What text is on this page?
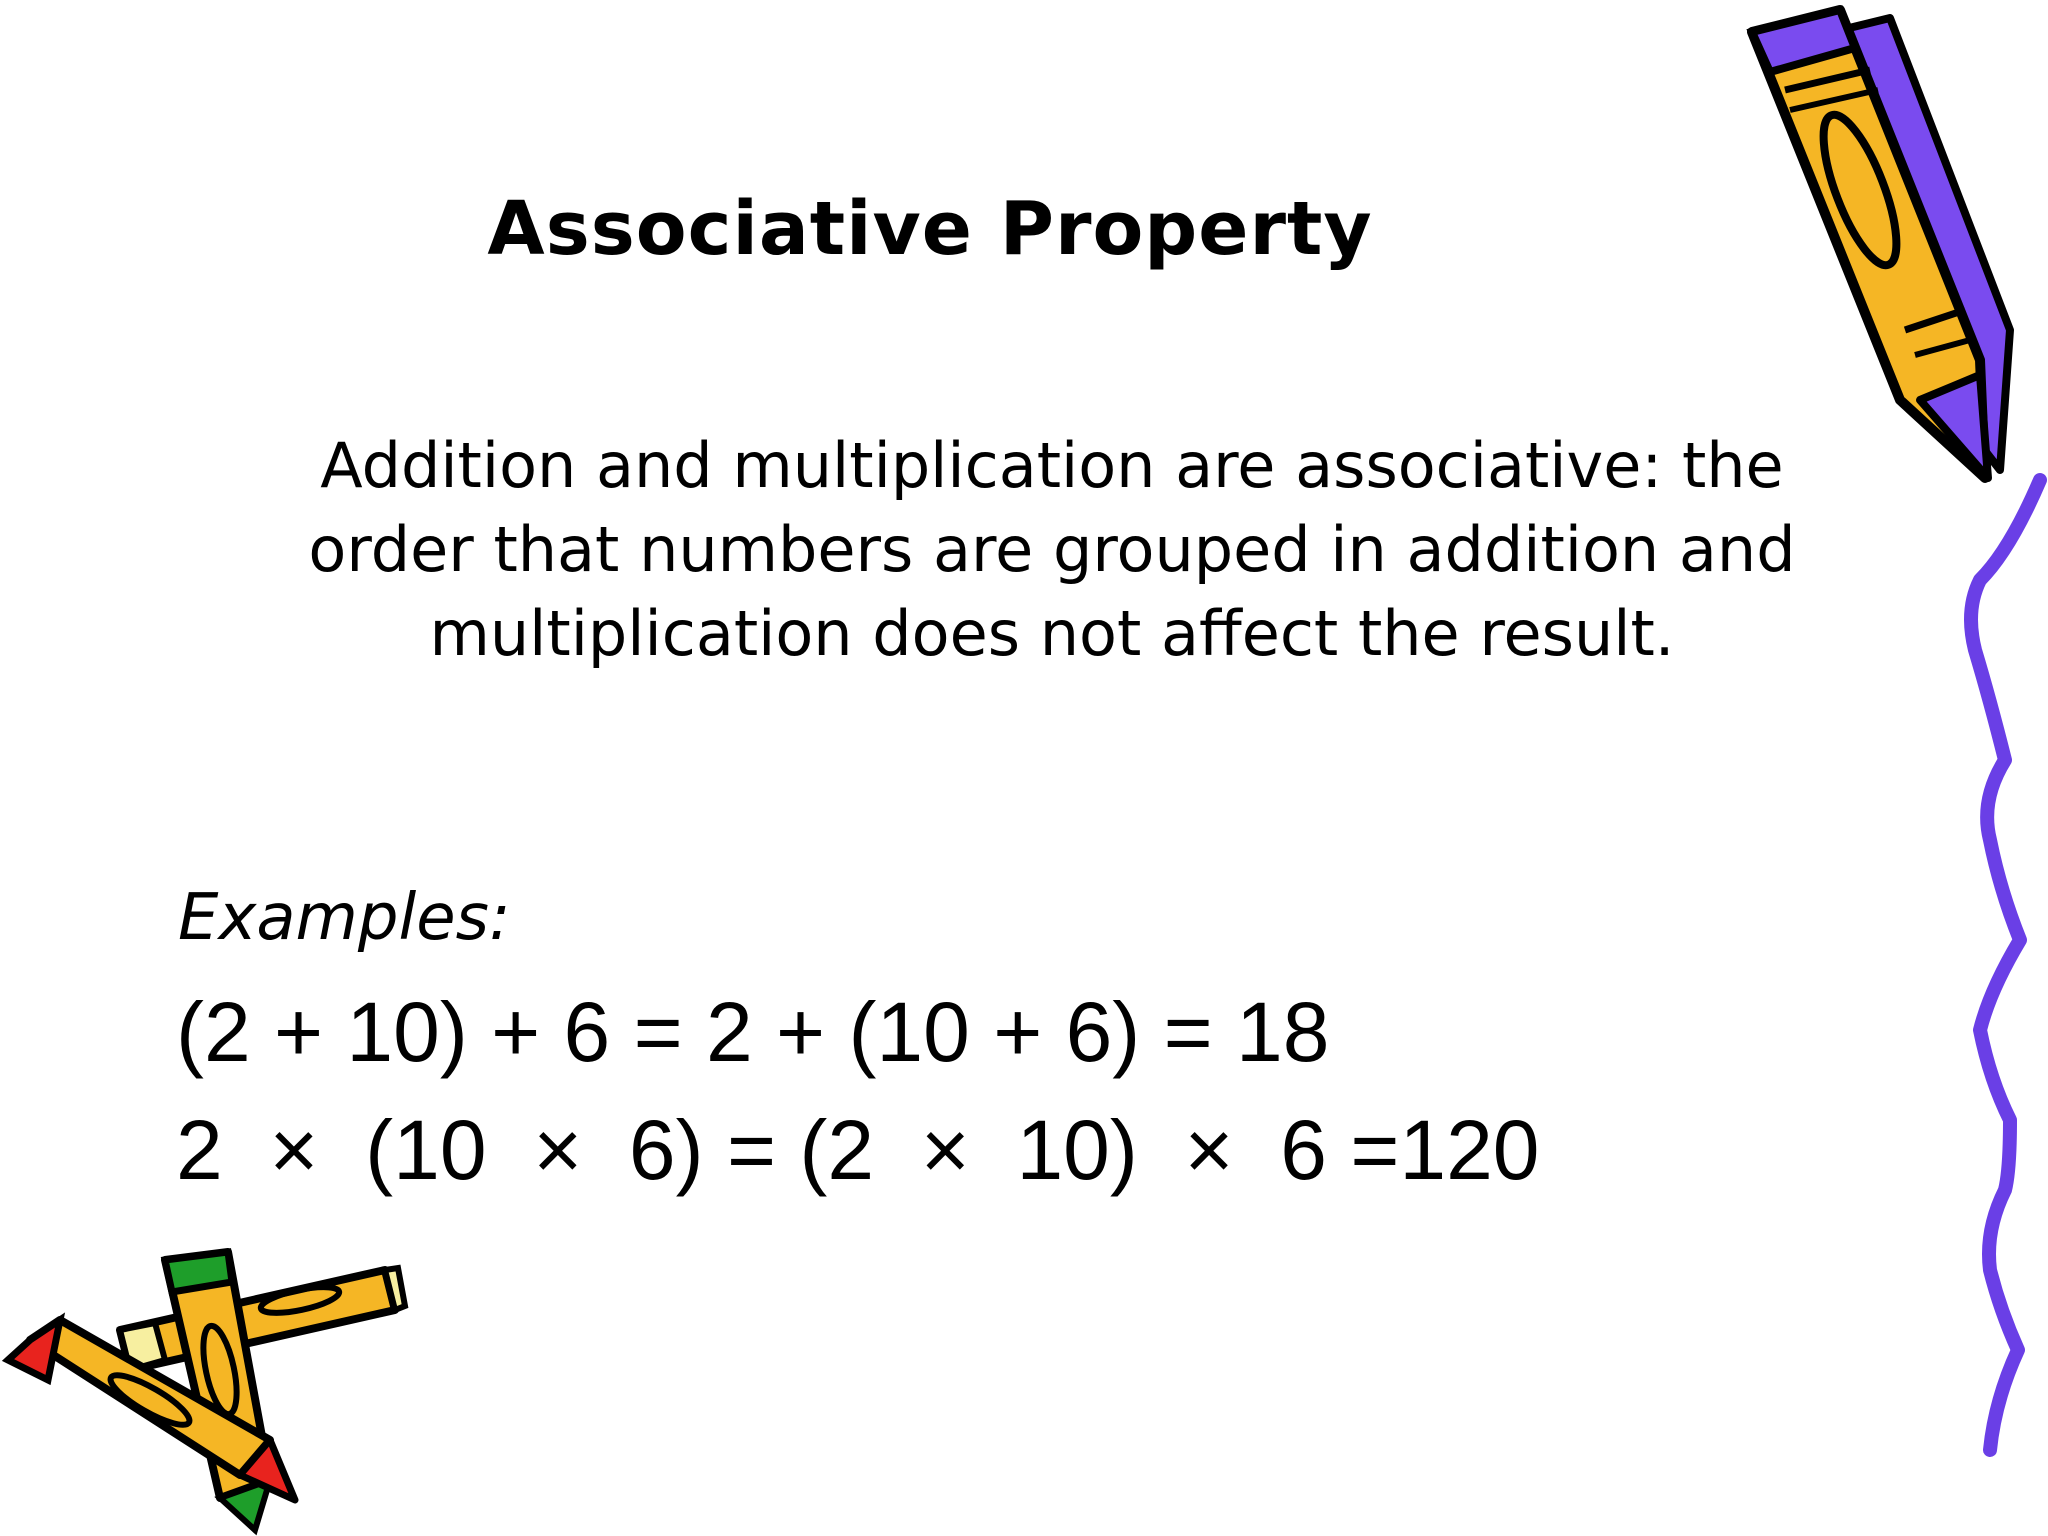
Associative Property
Addition and multiplication are associative: the order that numbers are grouped in addition and multiplication does not affect the result.
Examples:
(2 + 10) + 6 = 2 + (10 + 6) = 18
2  ×  (10  ×  6) = (2  ×  10)  ×  6 =120
